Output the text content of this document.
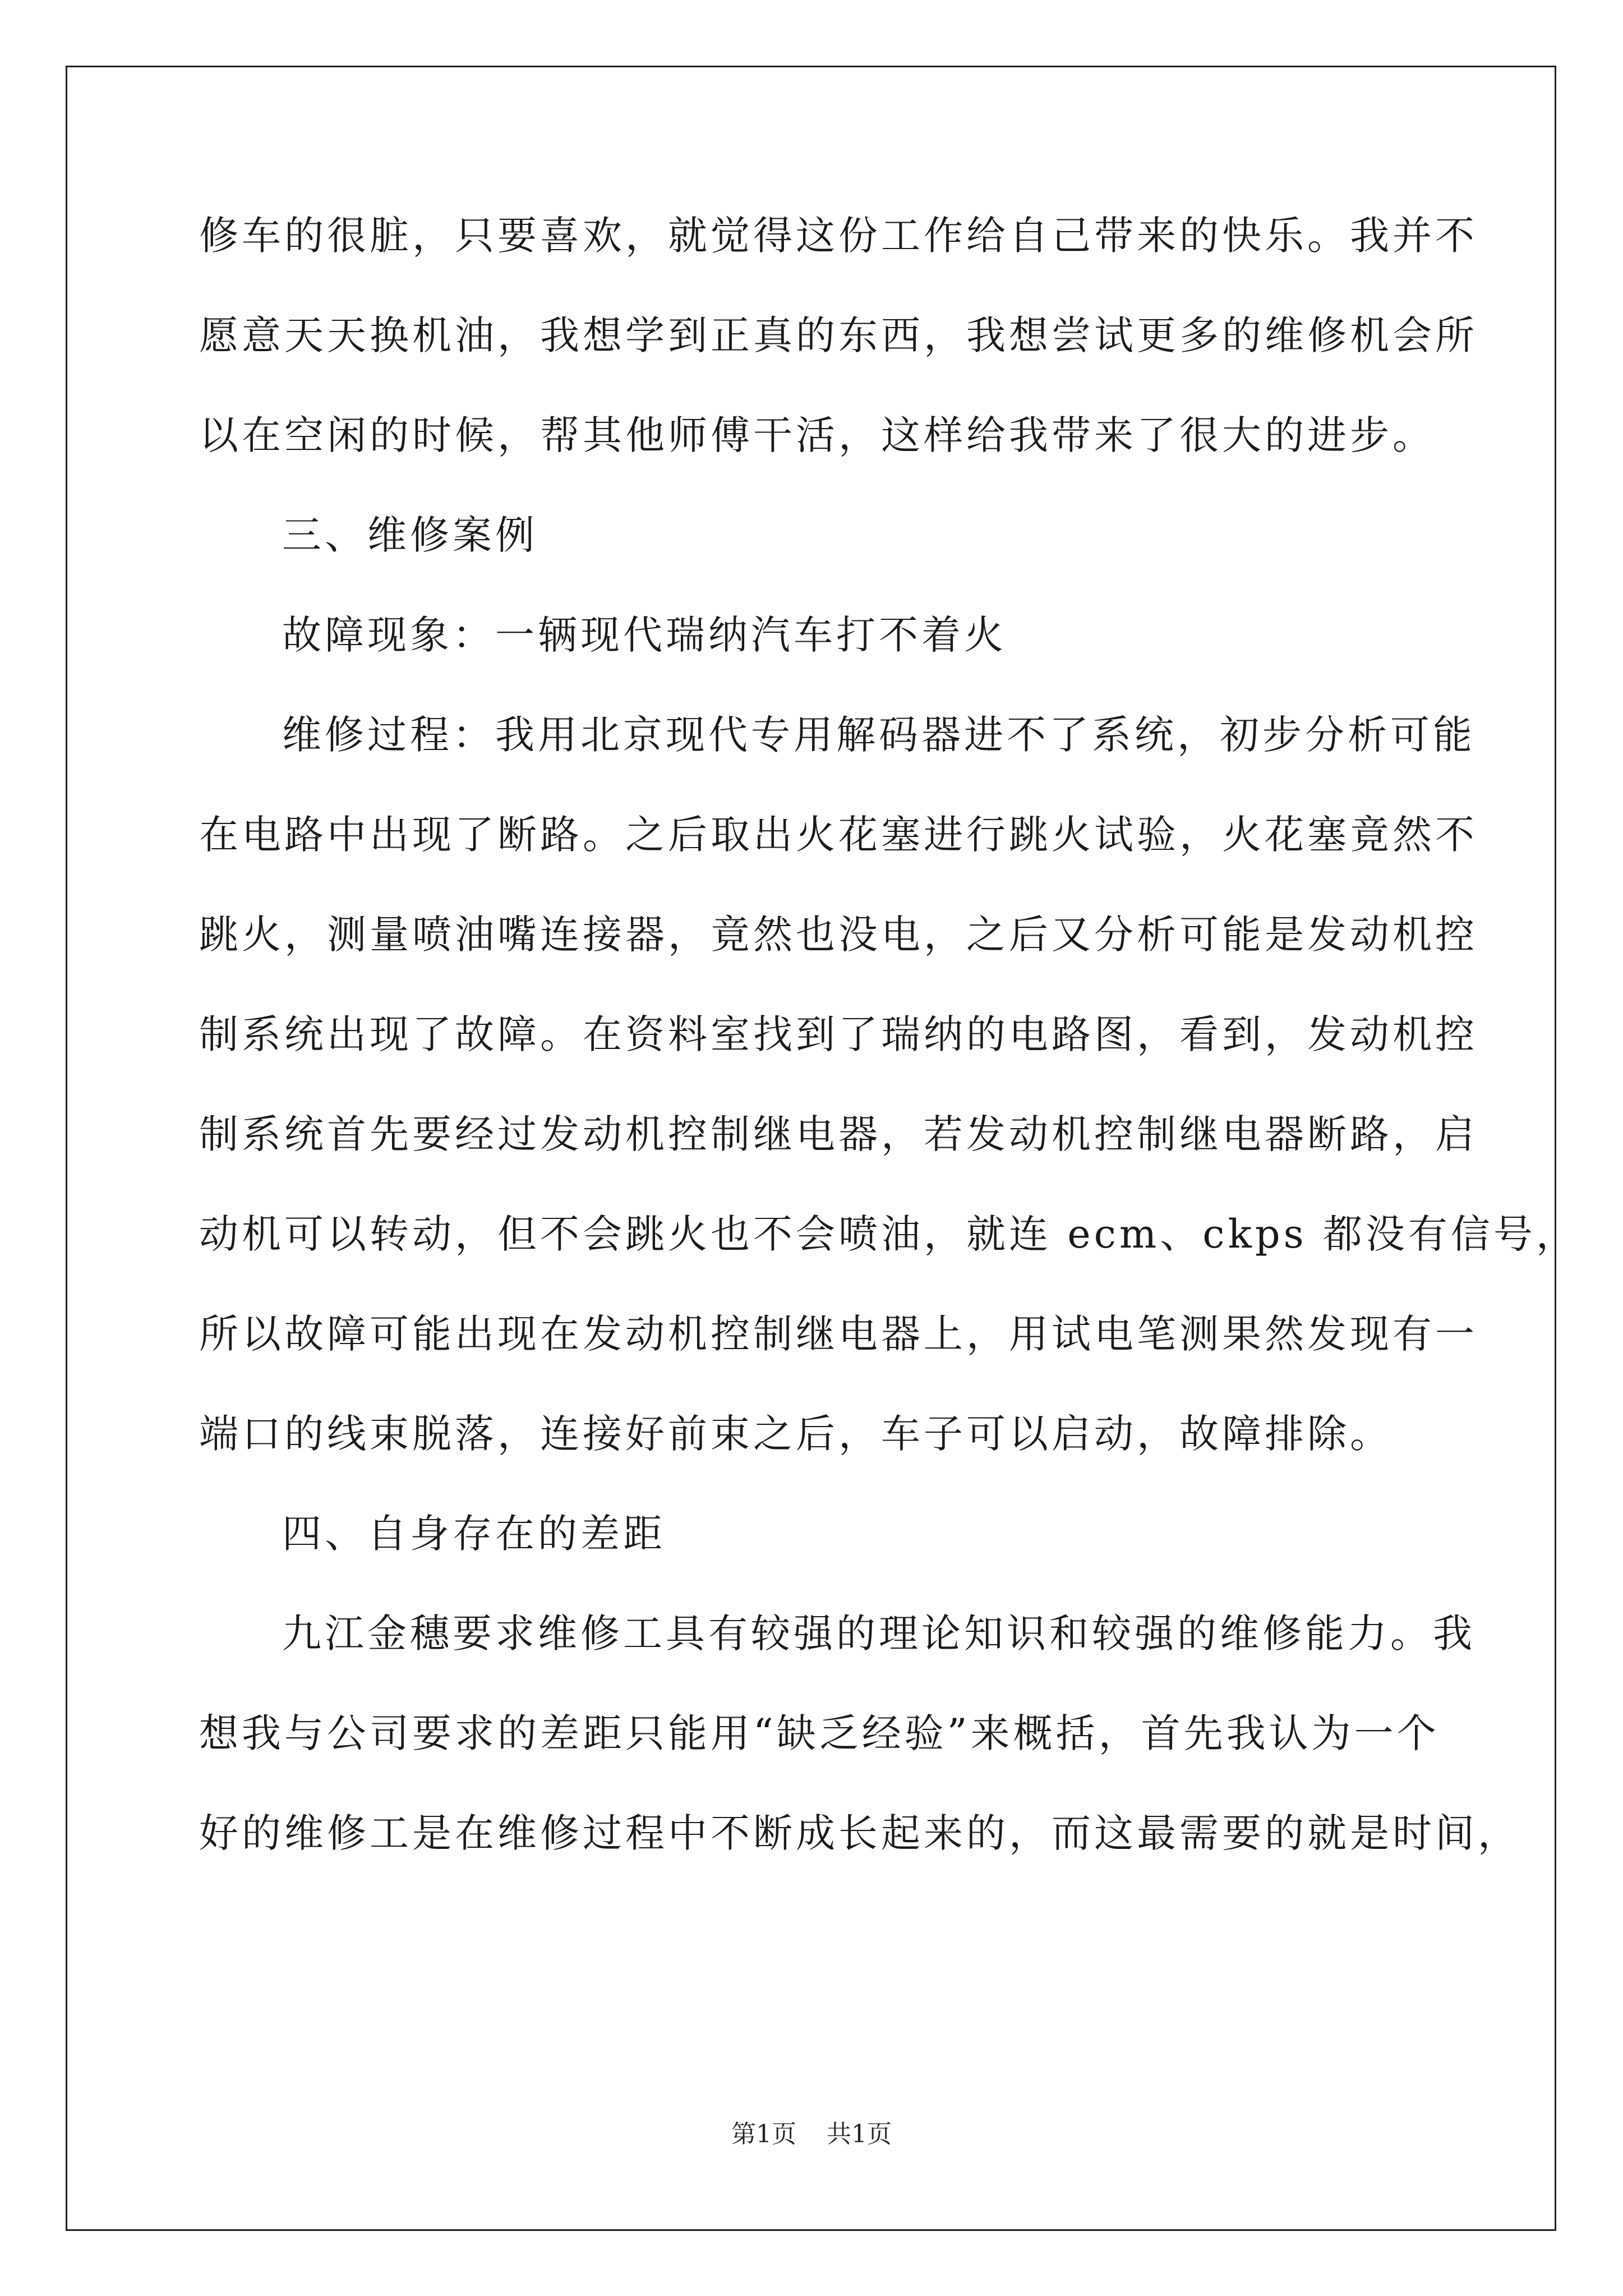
修车的很脏，只要喜欢，就觉得这份工作给自己带来的快乐。我并不
愿意天天换机油，我想学到正真的东西，我想尝试更多的维修机会所
以在空闲的时候，帮其他师傅干活，这样给我带来了很大的进步。
三、维修案例
故障现象：一辆现代瑞纳汽车打不着火
维修过程：我用北京现代专用解码器进不了系统，初步分析可能
在电路中出现了断路。之后取出火花塞进行跳火试验，火花塞竟然不
跳火，测量喷油嘴连接器，竟然也没电，之后又分析可能是发动机控
制系统出现了故障。在资料室找到了瑞纳的电路图，看到，发动机控
制系统首先要经过发动机控制继电器，若发动机控制继电器断路，启
动机可以转动，但不会跳火也不会喷油，就连 ecm、ckps 都没有信号，
所以故障可能出现在发动机控制继电器上，用试电笔测果然发现有一
端口的线束脱落，连接好前束之后，车子可以启动，故障排除。
四、自身存在的差距
九江金穗要求维修工具有较强的理论知识和较强的维修能力。我
想我与公司要求的差距只能用“缺乏经验”来概括，首先我认为一个
好的维修工是在维修过程中不断成长起来的，而这最需要的就是时间，
第1页 共1页
